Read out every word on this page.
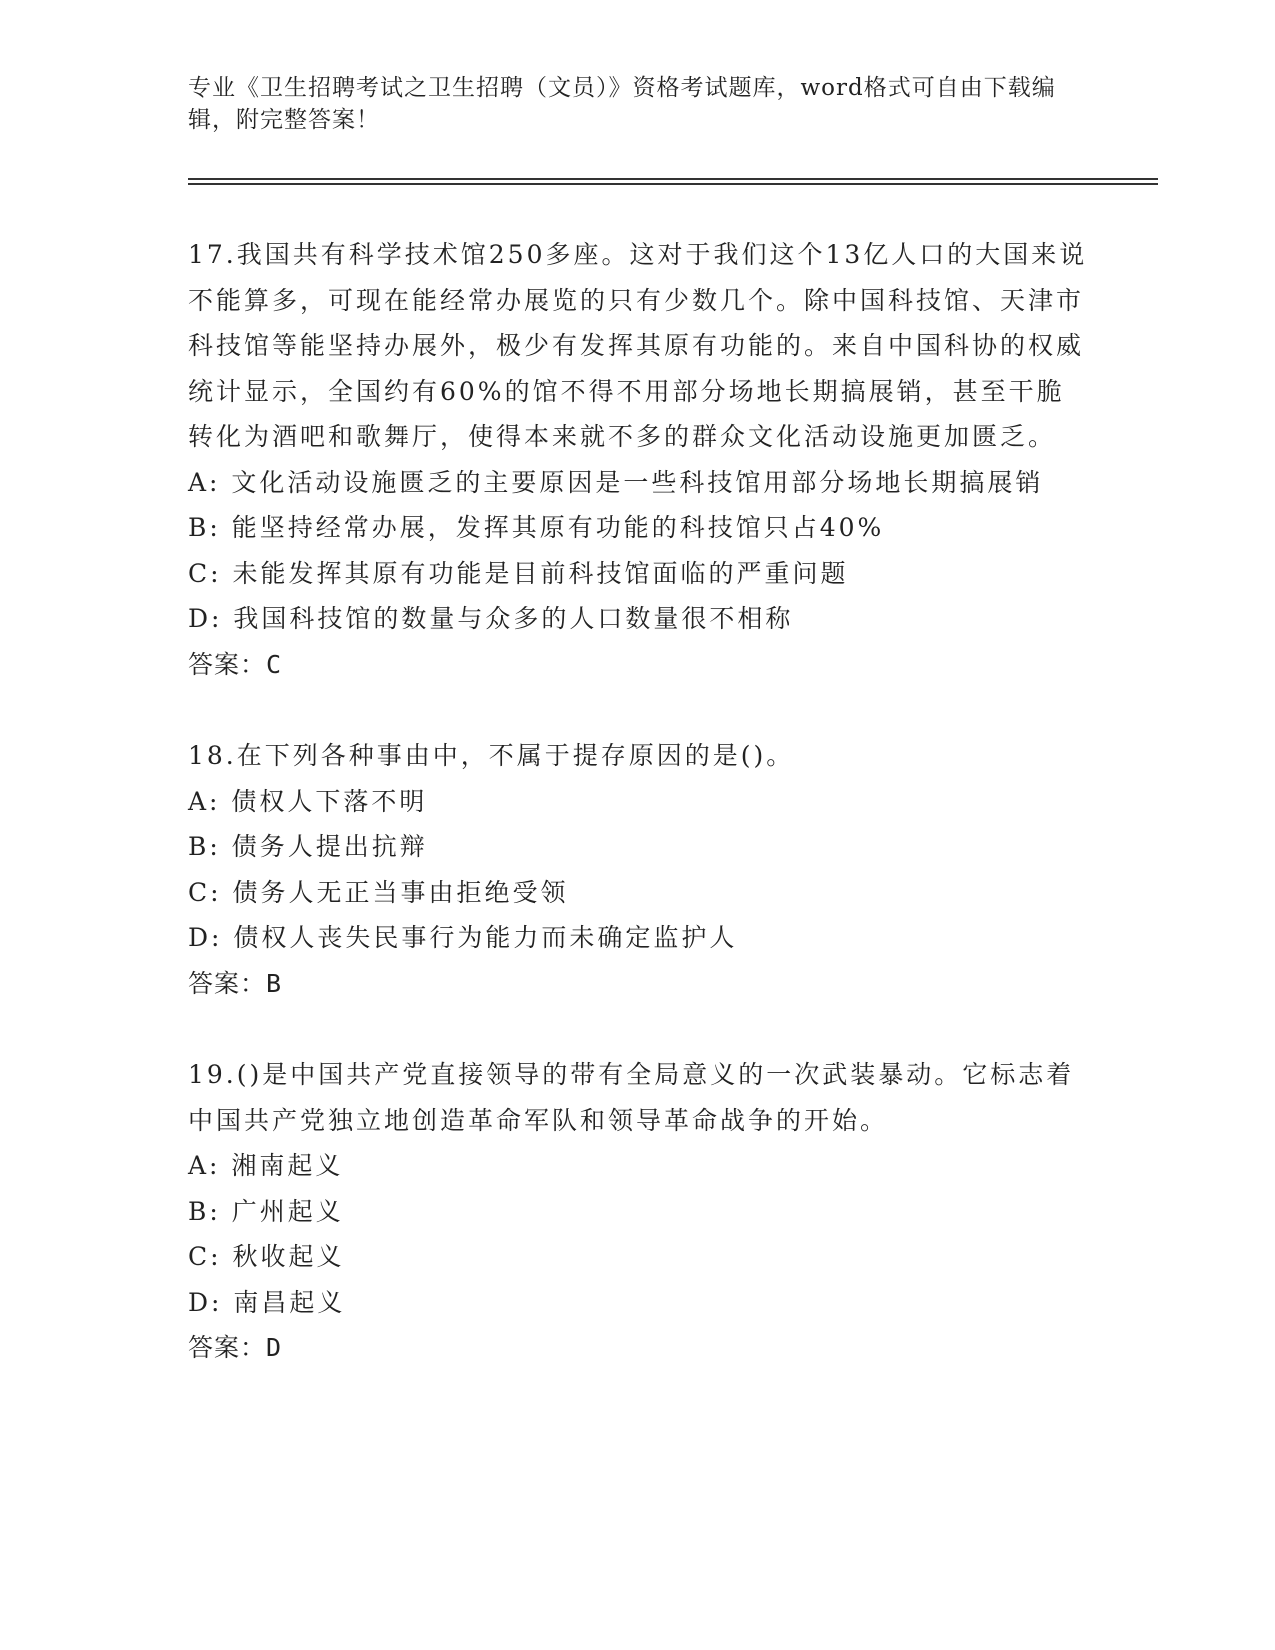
专业《卫生招聘考试之卫生招聘（文员）》资格考试题库，word格式可自由下载编辑，附完整答案！

17.我国共有科学技术馆250多座。这对于我们这个13亿人口的大国来说不能算多，可现在能经常办展览的只有少数几个。除中国科技馆、天津市科技馆等能坚持办展外，极少有发挥其原有功能的。来自中国科协的权威统计显示，全国约有60%的馆不得不用部分场地长期搞展销，甚至干脆转化为酒吧和歌舞厅，使得本来就不多的群众文化活动设施更加匮乏。

A: 文化活动设施匮乏的主要原因是一些科技馆用部分场地长期搞展销

B: 能坚持经常办展，发挥其原有功能的科技馆只占40%

C: 未能发挥其原有功能是目前科技馆面临的严重问题

D: 我国科技馆的数量与众多的人口数量很不相称

答案：C

18.在下列各种事由中，不属于提存原因的是()。

A: 债权人下落不明

B: 债务人提出抗辩

C: 债务人无正当事由拒绝受领

D: 债权人丧失民事行为能力而未确定监护人

答案：B

19.()是中国共产党直接领导的带有全局意义的一次武装暴动。它标志着中国共产党独立地创造革命军队和领导革命战争的开始。

A: 湘南起义

B: 广州起义

C: 秋收起义

D: 南昌起义

答案：D
